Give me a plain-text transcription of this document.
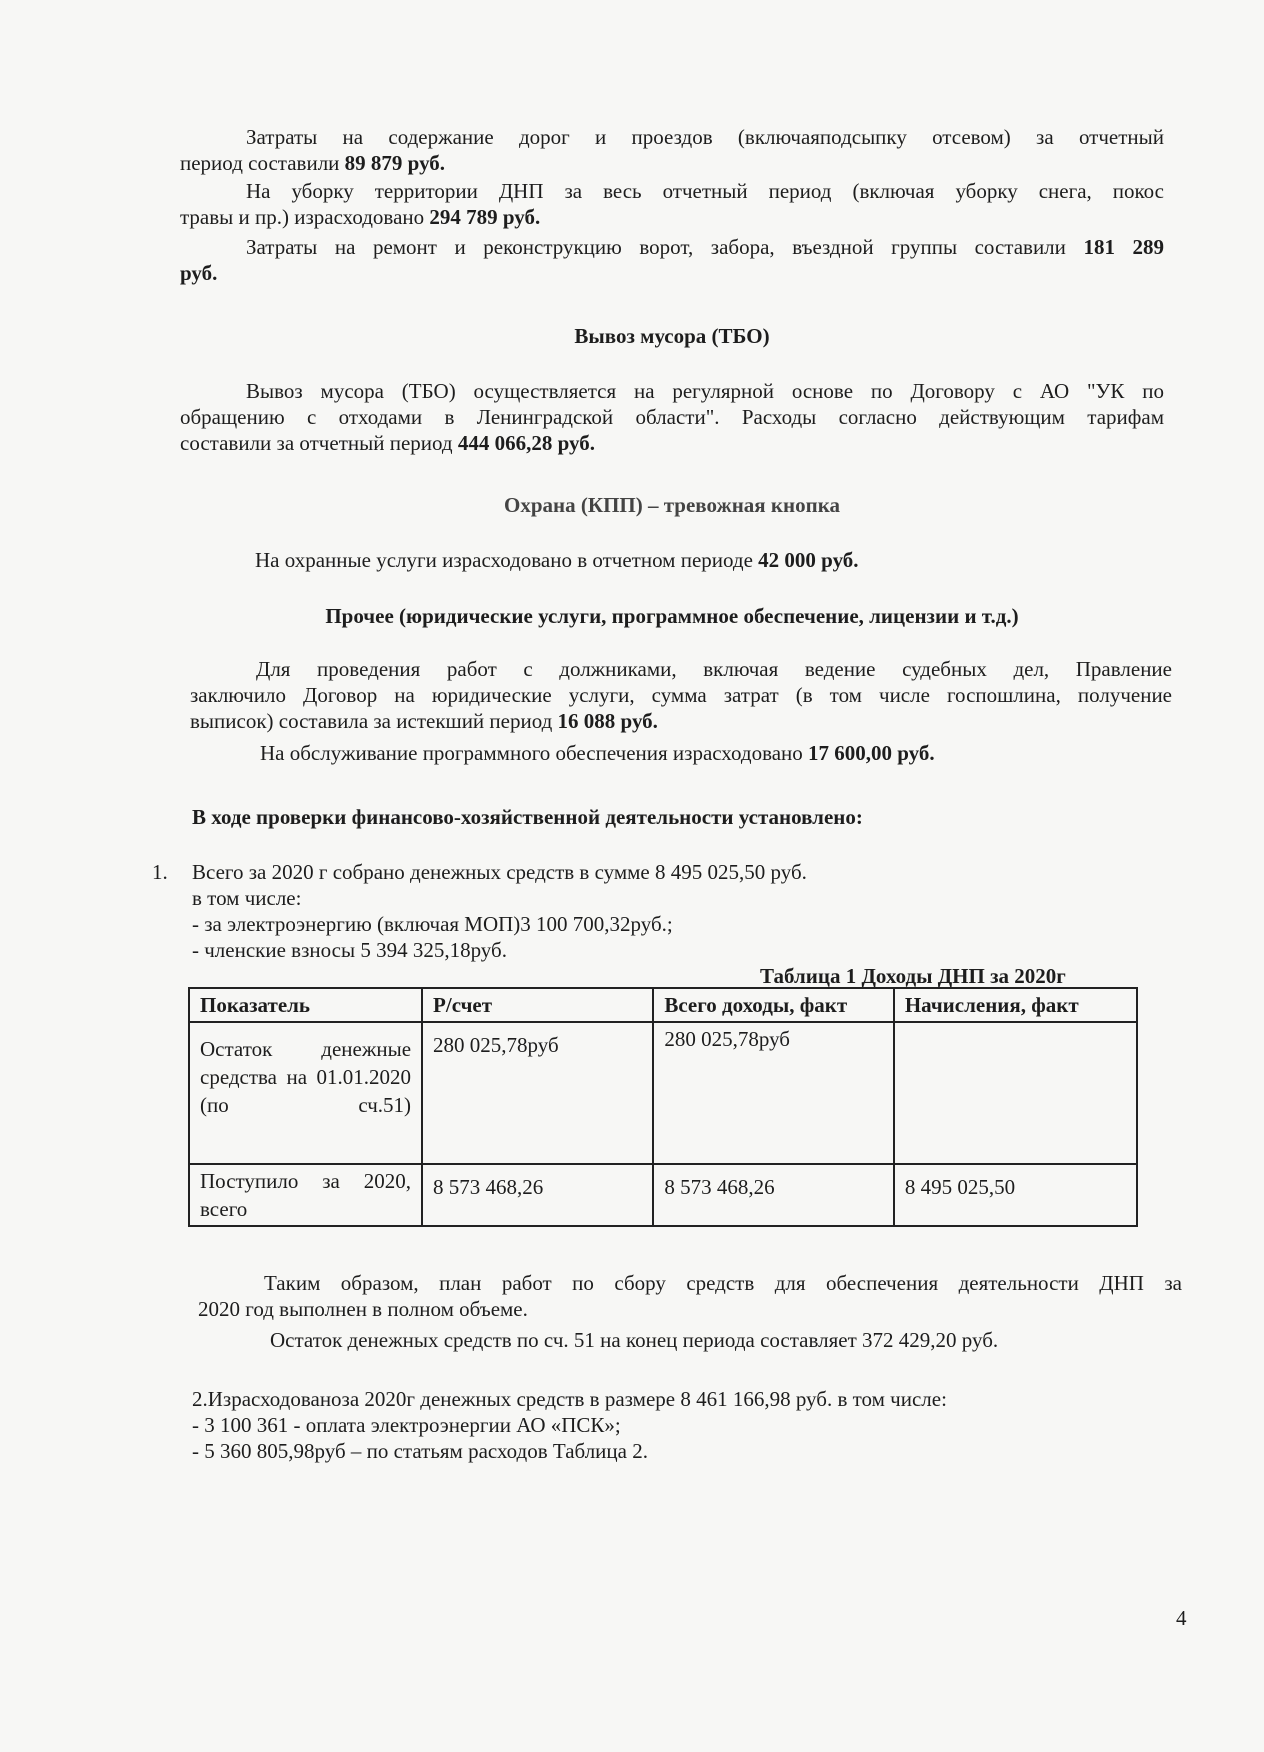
Затраты на содержание дорог и проездов (включаяподсыпку отсевом) за отчетный
период составили 89 879 руб.
На уборку территории ДНП за весь отчетный период (включая уборку снега, покос
травы и пр.) израсходовано 294 789 руб.
Затраты на ремонт и реконструкцию ворот, забора, въездной группы составили 181 289
руб.
Вывоз мусора (ТБО)
Вывоз мусора (ТБО) осуществляется на регулярной основе по Договору с АО "УК по
обращению с отходами в Ленинградской области". Расходы согласно действующим тарифам
составили за отчетный период 444 066,28 руб.
Охрана (КПП) – тревожная кнопка
На охранные услуги израсходовано в отчетном периоде 42 000 руб.
Прочее (юридические услуги, программное обеспечение, лицензии и т.д.)
Для проведения работ с должниками, включая ведение судебных дел, Правление
заключило Договор на юридические услуги, сумма затрат (в том числе госпошлина, получение
выписок) составила за истекший период 16 088 руб.
На обслуживание программного обеспечения израсходовано 17 600,00 руб.
В ходе проверки финансово-хозяйственной деятельности установлено:
1. Всего за 2020 г собрано денежных средств в сумме 8 495 025,50 руб.
в том числе:
- за электроэнергию (включая МОП)3 100 700,32руб.;
- членские взносы 5 394 325,18руб.
Таблица 1 Доходы ДНП за 2020г
Показатель	Р/счет	Всего доходы, факт	Начисления, факт
Остаток денежные средства на 01.01.2020 (по сч.51)	280 025,78руб	280 025,78руб	
Поступило за 2020, всего	8 573 468,26	8 573 468,26	8 495 025,50
Таким образом, план работ по сбору средств для обеспечения деятельности ДНП за
2020 год выполнен в полном объеме.
Остаток денежных средств по сч. 51 на конец периода составляет 372 429,20 руб.
2.Израсходованоза 2020г денежных средств в размере 8 461 166,98 руб. в том числе:
- 3 100 361 - оплата электроэнергии АО «ПСК»;
- 5 360 805,98руб – по статьям расходов Таблица 2.
4
